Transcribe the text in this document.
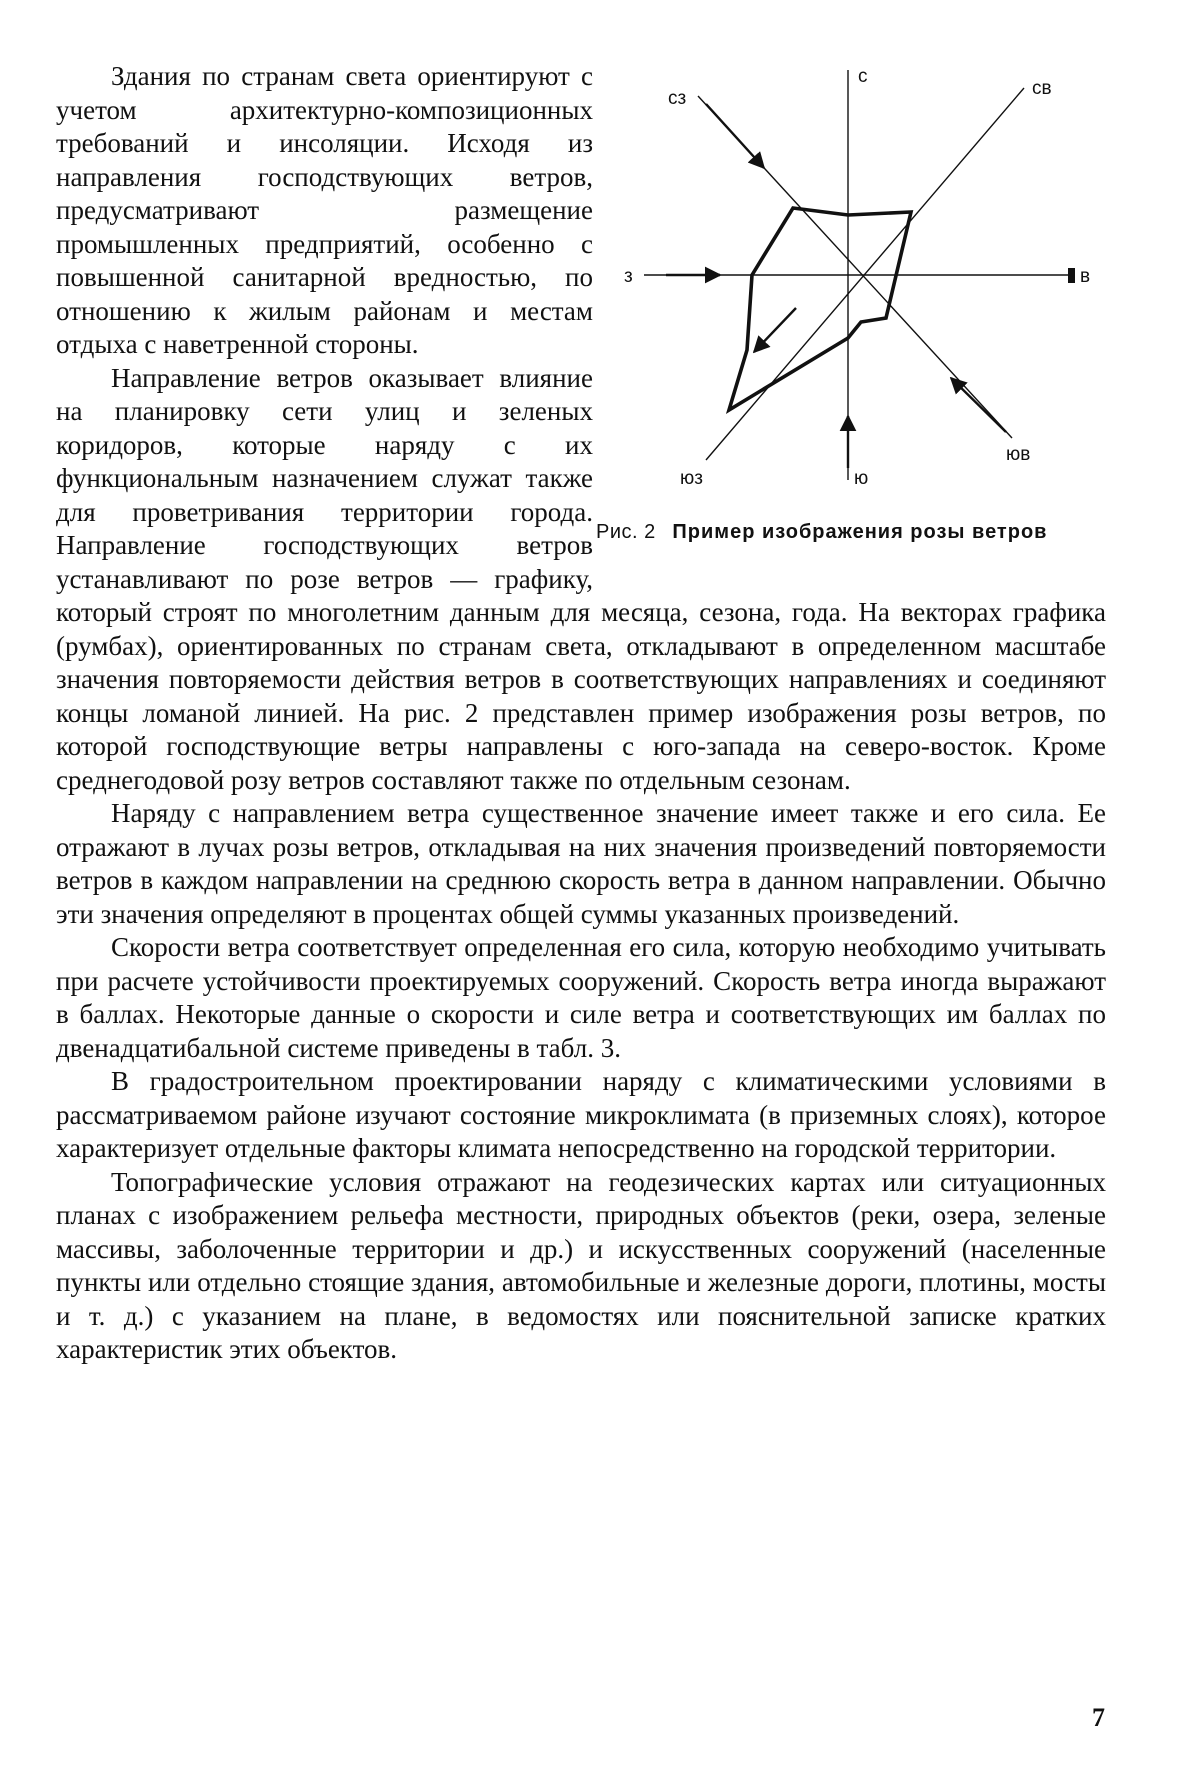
с
св
в
юв
ю
юз
з
сз
Рис. 2 Пример изображения розы ветров

Здания по странам света ориентируют с учетом архитектурно-композиционных требований и инсоляции. Исходя из направления господствующих ветров, предусматривают размещение промышленных предприятий, особенно с повышенной санитарной вредностью, по отношению к жилым районам и местам отдыха с наветренной стороны.

Направление ветров оказывает влияние на планировку сети улиц и зеленых коридоров, которые наряду с их функциональным назначением служат также для проветривания территории города. Направление господствующих ветров устанавливают по розе ветров — графику, который строят по многолетним данным для месяца, сезона, года. На векторах графика (румбах), ориентированных по странам света, откладывают в определенном масштабе значения повторяемости действия ветров в соответствующих направлениях и соединяют концы ломаной линией. На рис. 2 представлен пример изображения розы ветров, по которой господствующие ветры направлены с юго-запада на северо-восток. Кроме среднегодовой розу ветров составляют также по отдельным сезонам.

Наряду с направлением ветра существенное значение имеет также и его сила. Ее отражают в лучах розы ветров, откладывая на них значения произведений повторяемости ветров в каждом направлении на среднюю скорость ветра в данном направлении. Обычно эти значения определяют в процентах общей суммы указанных произведений.

Скорости ветра соответствует определенная его сила, которую необходимо учитывать при расчете устойчивости проектируемых сооружений. Скорость ветра иногда выражают в баллах. Некоторые данные о скорости и силе ветра и соответствующих им баллах по двенадцатибальной системе приведены в табл. 3.

В градостроительном проектировании наряду с климатическими условиями в рассматриваемом районе изучают состояние микроклимата (в приземных слоях), которое характеризует отдельные факторы климата непосредственно на городской территории.

Топографические условия отражают на геодезических картах или ситуационных планах с изображением рельефа местности, природных объектов (реки, озера, зеленые массивы, заболоченные территории и др.) и искусственных сооружений (населенные пункты или отдельно стоящие здания, автомобильные и железные дороги, плотины, мосты и т. д.) с указанием на плане, в ведомостях или пояснительной записке кратких характеристик этих объектов.

7
